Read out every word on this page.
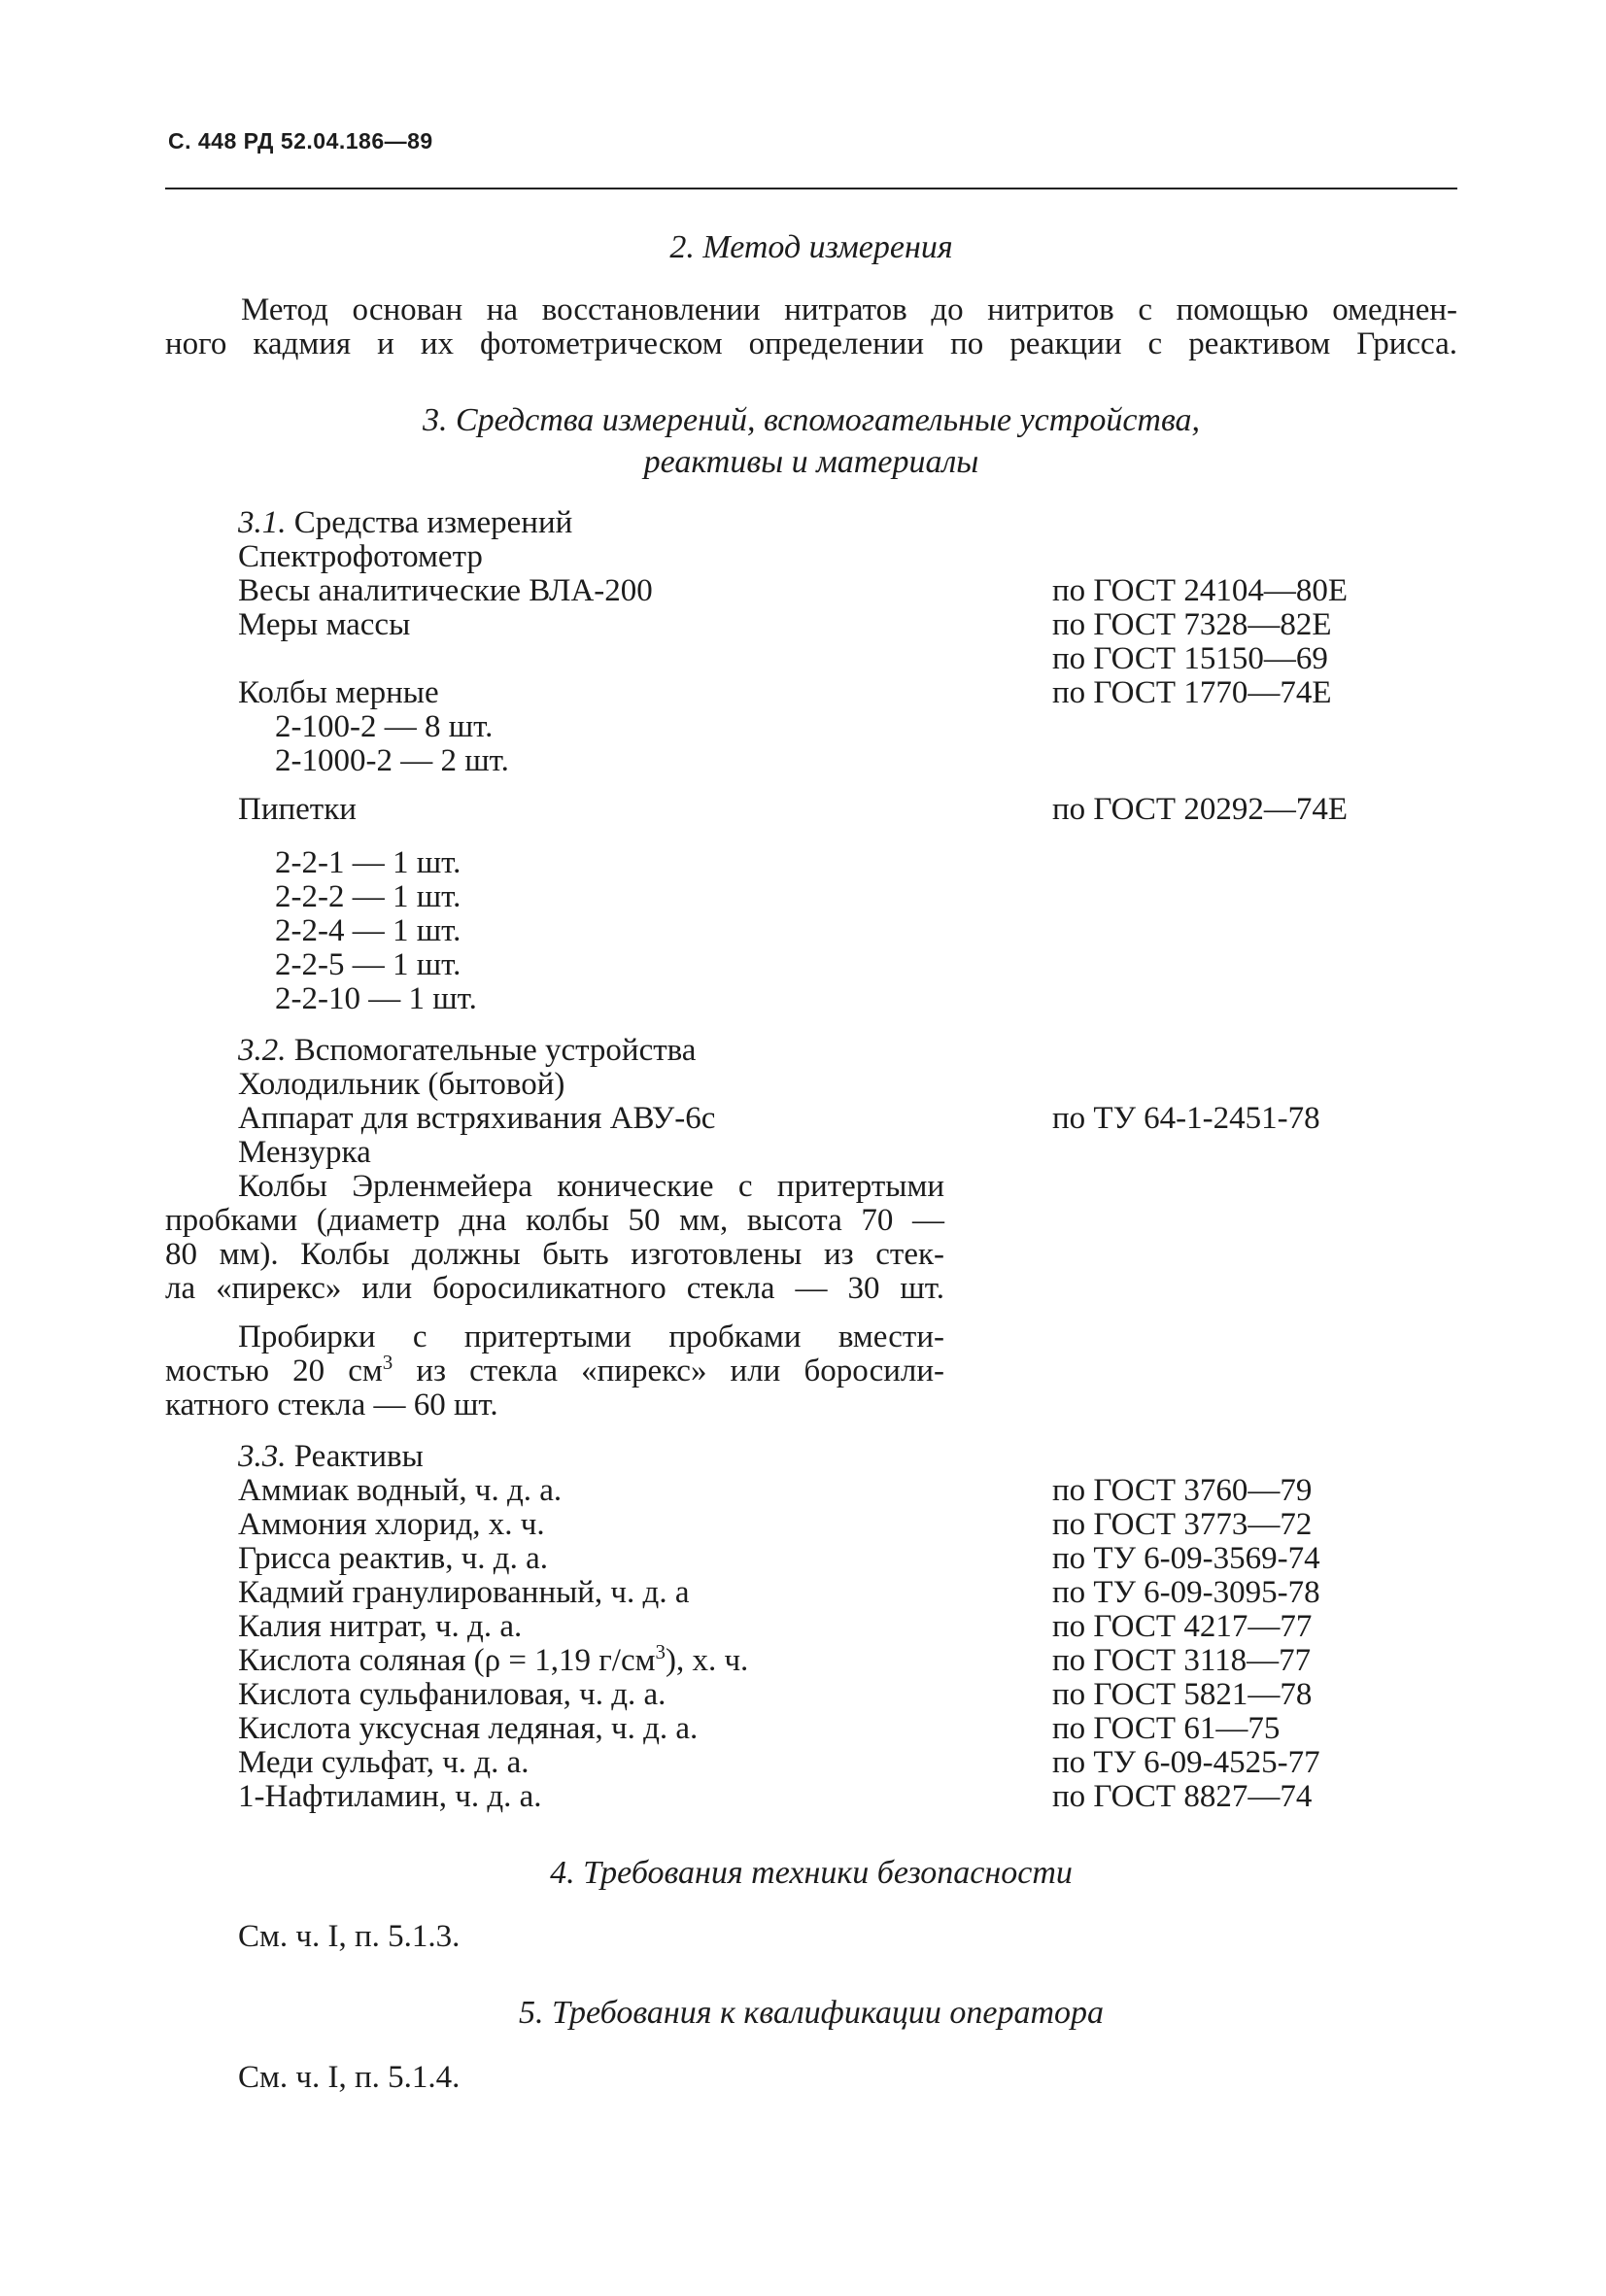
С. 448 РД 52.04.186—89
2. Метод измерения
Метод основан на восстановлении нитратов до нитритов с помощью омеднен-
ного кадмия и их фотометрическом определении по реакции с реактивом Грисса.
3. Средства измерений, вспомогательные устройства,
реактивы и материалы
3.1. Средства измерений
Спектрофотометр
Весы аналитические ВЛА-200	по ГОСТ 24104—80Е
Меры массы	по ГОСТ 7328—82Е
по ГОСТ 15150—69
Колбы мерные	по ГОСТ 1770—74Е
2-100-2 — 8 шт.
2-1000-2 — 2 шт.
Пипетки	по ГОСТ 20292—74Е
2-2-1 — 1 шт.
2-2-2 — 1 шт.
2-2-4 — 1 шт.
2-2-5 — 1 шт.
2-2-10 — 1 шт.
3.2. Вспомогательные устройства
Холодильник (бытовой)
Аппарат для встряхивания АВУ-6с	по ТУ 64-1-2451-78
Мензурка
Колбы Эрленмейера конические с притертыми
пробками (диаметр дна колбы 50 мм, высота 70 —
80 мм). Колбы должны быть изготовлены из стек-
ла «пирекс» или боросиликатного стекла — 30 шт.
Пробирки с притертыми пробками вмести-
мостью 20 $см^3$ из стекла «пирекс» или боросили-
катного стекла — 60 шт.
3.3. Реактивы
Аммиак водный, ч. д. а.	по ГОСТ 3760—79
Аммония хлорид, х. ч.	по ГОСТ 3773—72
Грисса реактив, ч. д. а.	по ТУ 6-09-3569-74
Кадмий гранулированный, ч. д. а	по ТУ 6-09-3095-78
Калия нитрат, ч. д. а.	по ГОСТ 4217—77
Кислота соляная (ρ = 1,19 $г/см^3$), х. ч.	по ГОСТ 3118—77
Кислота сульфаниловая, ч. д. а.	по ГОСТ 5821—78
Кислота уксусная ледяная, ч. д. а.	по ГОСТ 61—75
Меди сульфат, ч. д. а.	по ТУ 6-09-4525-77
1-Нафтиламин, ч. д. а.	по ГОСТ 8827—74
4. Требования техники безопасности
См. ч. I, п. 5.1.3.
5. Требования к квалификации оператора
См. ч. I, п. 5.1.4.
